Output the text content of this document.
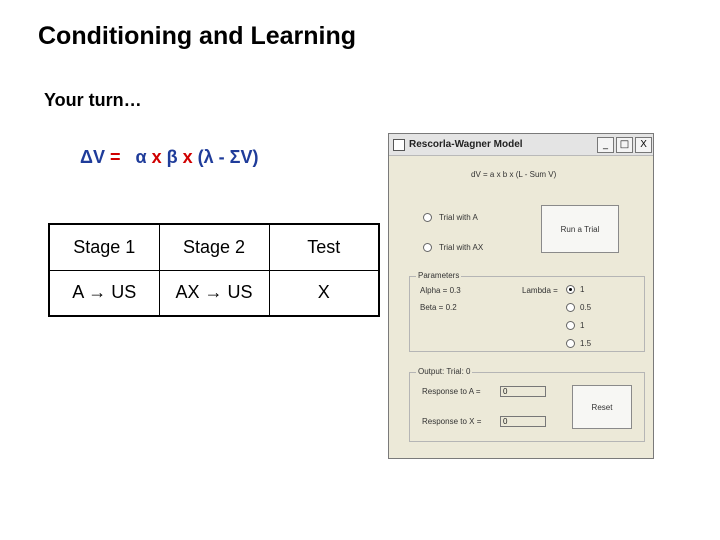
Conditioning and Learning
Your turn…
ΔV = α x β x (λ - ΣV)
Stage 1	Stage 2	Test
A → US	AX → US	X
Rescorla-Wagner Model	_	□	X
dV = a x b x (L - Sum V)
Trial with A
Trial with AX
Run a Trial
Parameters
Alpha = 0.3
Beta = 0.2
Lambda =	1
0.5
1
1.5
Output: Trial: 0
Response to A =	0
Response to X =	0
Reset
